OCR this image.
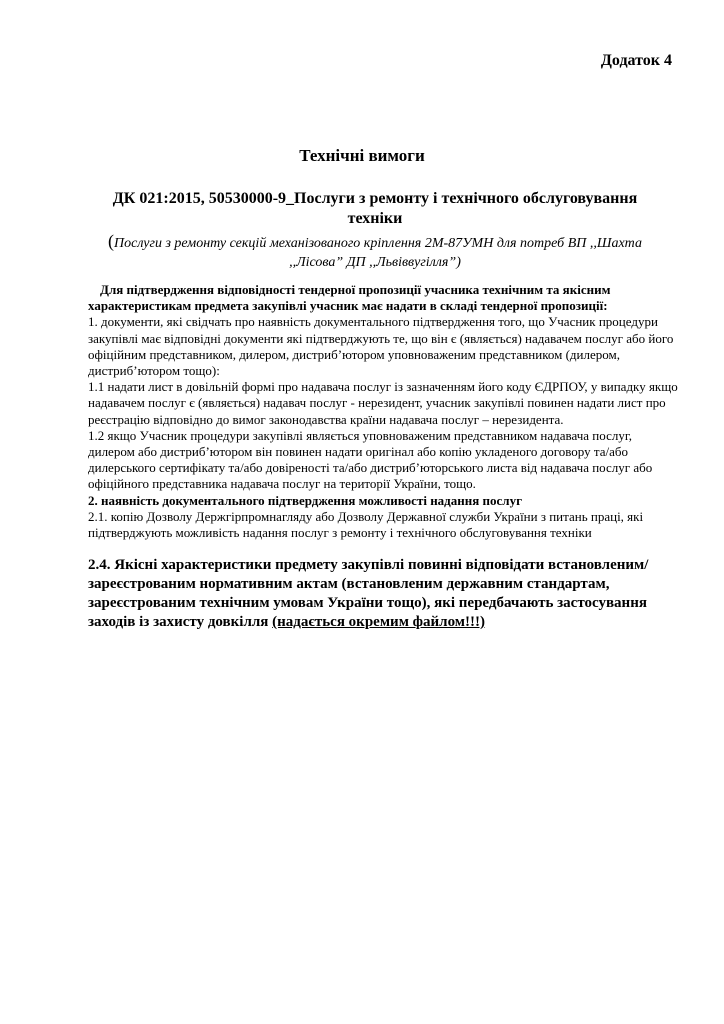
Додаток 4
Технічні вимоги
ДК 021:2015, 50530000-9_Послуги з ремонту і технічного обслуговування техніки
(Послуги з ремонту секцій механізованого кріплення 2М-87УМН для потреб ВП ,,Шахта ,,Лісова” ДП ,,Львіввугілля”)

Для підтвердження відповідності тендерної пропозиції учасника технічним та якісним характеристикам предмета закупівлі учасник має надати в складі тендерної пропозиції:

1. документи, які свідчать про наявність документального підтвердження того, що Учасник процедури закупівлі має відповідні документи які підтверджують те, що він є (являється) надавачем послуг або його офіційним представником, дилером, дистриб’ютором уповноваженим представником (дилером, дистриб’ютором тощо):

1.1 надати лист в довільній формі про надавача послуг із зазначенням його коду ЄДРПОУ, у випадку якщо надавачем послуг є (являється) надавач послуг - нерезидент, учасник закупівлі повинен надати лист про реєстрацію відповідно до вимог законодавства країни надавача послуг – нерезидента.

1.2 якщо Учасник процедури закупівлі являється уповноваженим представником надавача послуг, дилером або дистриб’ютором він повинен надати оригінал або копію укладеного договору та/або дилерського сертифікату та/або довіреності та/або дистриб’юторського листа від надавача послуг або офіційного представника надавача послуг на території України, тощо.

2. наявність документального підтвердження можливості надання послуг

2.1. копію Дозволу Держгірпромнагляду або Дозволу Державної служби України з питань праці, які підтверджують можливість надання послуг з ремонту і технічного обслуговування техніки

2.4. Якісні характеристики предмету закупівлі повинні відповідати встановленим/зареєстрованим нормативним актам (встановленим державним стандартам, зареєстрованим технічним умовам України тощо), які передбачають застосування заходів із захисту довкілля (надається окремим файлом!!!)
